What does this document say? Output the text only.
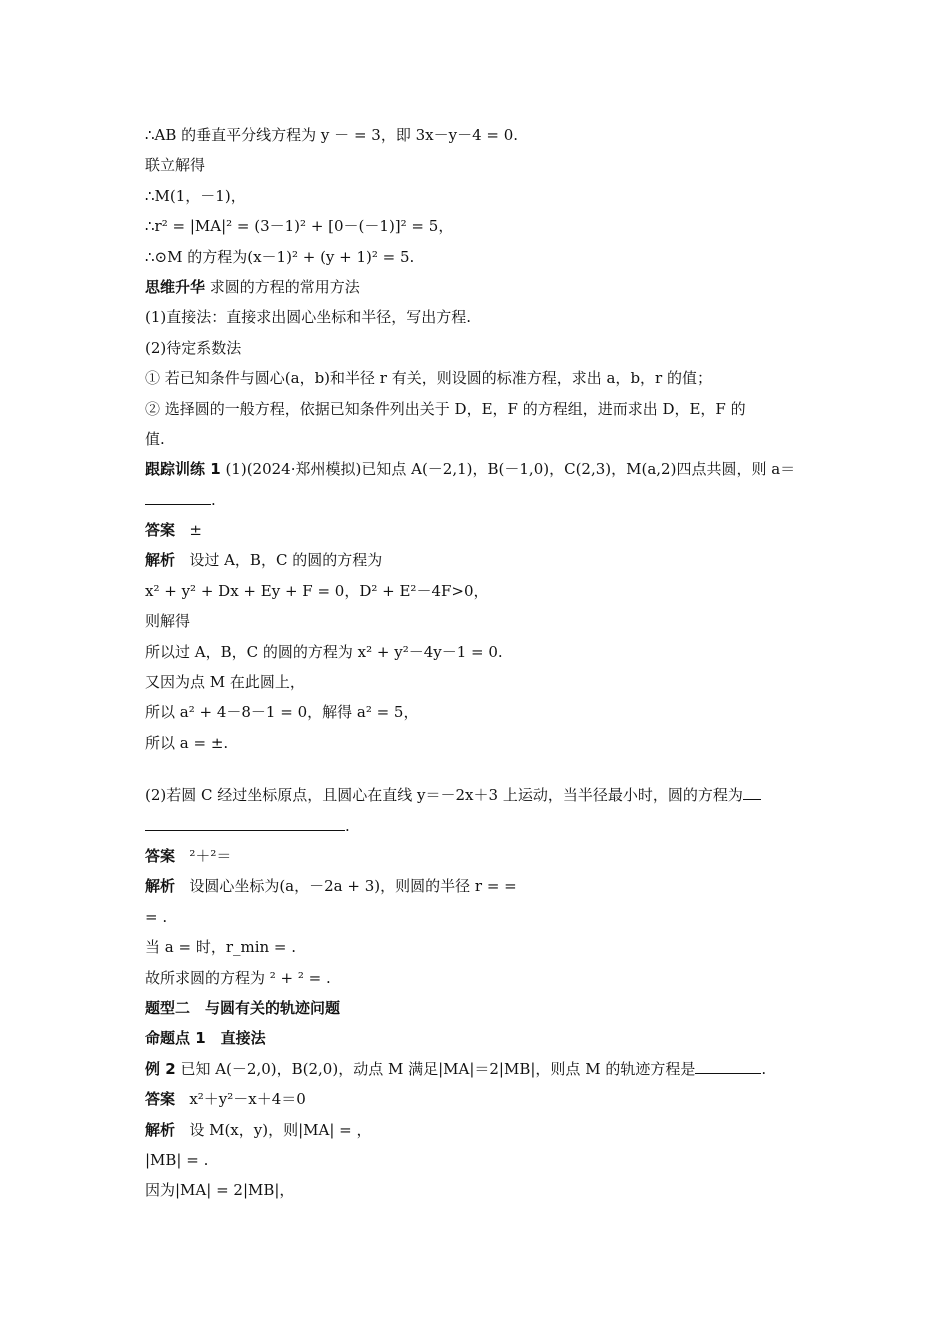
∴AB 的垂直平分线方程为 y － = 3，即 3x－y－4 = 0.
联立解得
∴M(1，－1)，
∴r² = |MA|² = (3－1)² + [0－(－1)]² = 5，
∴⊙M 的方程为(x－1)² + (y + 1)² = 5.
思维升华 求圆的方程的常用方法
(1)直接法：直接求出圆心坐标和半径，写出方程.
(2)待定系数法
① 若已知条件与圆心(a，b)和半径 r 有关，则设圆的标准方程，求出 a，b，r 的值；
② 选择圆的一般方程，依据已知条件列出关于 D，E，F 的方程组，进而求出 D，E，F 的
值.
跟踪训练 1 (1)(2024·郑州模拟)已知点 A(－2,1)，B(－1,0)，C(2,3)，M(a,2)四点共圆，则 a＝
.
答案 ±
解析 设过 A，B，C 的圆的方程为
x² + y² + Dx + Ey + F = 0，D² + E²－4F>0，
则解得
所以过 A，B，C 的圆的方程为 x² + y²－4y－1 = 0.
又因为点 M 在此圆上，
所以 a² + 4－8－1 = 0，解得 a² = 5，
所以 a = ±.
(2)若圆 C 经过坐标原点，且圆心在直线 y＝－2x＋3 上运动，当半径最小时，圆的方程为
.
答案 ²＋²＝
解析 设圆心坐标为(a，－2a + 3)，则圆的半径 r = =
= .
当 a = 时，r_min = .
故所求圆的方程为 ² + ² = .
题型二　与圆有关的轨迹问题
命题点 1　直接法
例 2 已知 A(－2,0)，B(2,0)，动点 M 满足|MA|＝2|MB|，则点 M 的轨迹方程是	.
答案 x²＋y²－x＋4＝0
解析 设 M(x，y)，则|MA| = ，
|MB| = .
因为|MA| = 2|MB|，
